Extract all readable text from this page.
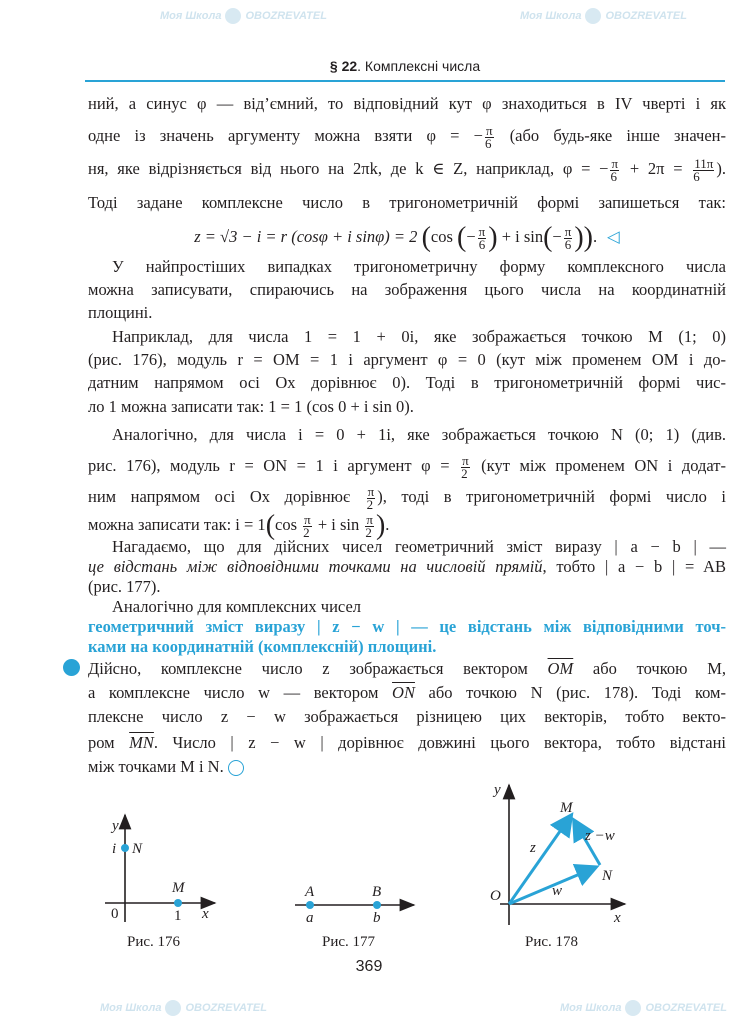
Моя Школа OBOZREVATEL	Моя Школа OBOZREVATEL
Моя Школа OBOZREVATEL
Моя Школа OBOZREVATEL
§ 22. Комплексні числа
ний, а синус φ — від’ємний, то відповідний кут φ знаходиться в IV чверті і як
одне із значень аргументу можна взяти φ = − $\frac{\pi}{6} (або$ будь-яке інше значен-
ня, яке відрізняється від нього на 2πk, де k ∈ Z, наприклад, φ = − $\frac{\pi}{6} + 2\pi = \frac{11\pi}{6}$ ).
Тоді задане комплексне число в тригонометричній формі запишеться так:
z = √3 − i = r (cosφ + i sinφ) = 2 (cos (− $\frac{\pi}{6}$ ) + i $\sin(- \frac{\pi}{6}$ )). ◁
У найпростіших випадках тригонометричну форму комплексного числа
можна записувати, спираючись на зображення цього числа на координатній
площині.
Наприклад, для числа 1 = 1 + 0i, яке зображається точкою M (1; 0)
(рис. 176), модуль r = OM = 1 і аргумент φ = 0 (кут між променем OM і до-
датним напрямом осі Ox дорівнює 0). Тоді в тригонометричній формі чис-
ло 1 можна записати так: 1 = 1 (cos 0 + i sin 0).
Аналогічно, для числа i = 0 + 1i, яке зображається точкою N (0; 1) (див.
рис. 176), модуль r = ON = 1 і аргумент $\varphi = \frac{\pi}{2} (кут$ між променем ON і додат-
ним напрямом осі Ox дорівнює $\frac{\pi}{2}$ ), тоді в тригонометричній формі число i
можна записати так: $i = 1(\cos \frac{\pi}{2} + i$ $\sin \frac{\pi}{2}$ ).
Нагадаємо, що для дійсних чисел геометричний зміст виразу | a − b | —
це відстань між відповідними точками на числовій прямій, тобто | a − b | = AB
(рис. 177).
Аналогічно для комплексних чисел
геометричний зміст виразу | z − w | — це відстань між відповідними точ-
ками на координатній (комплексній) площині.
Дійсно, комплексне число z зображається вектором $\overline{OM}$ або точкою M,
а комплексне число w — вектором $\overline{ON}$ або точкою N (рис. 178). Тоді ком-
плексне число z − w зображається різницею цих векторів, тобто векто-
ром $\overline{MN}$. Число | z − w | дорівнює довжині цього вектора, тобто відстані
між точками M і N.
y
i N
M
0	1 x
Рис. 176
A	B
a	b
Рис. 177
y
O
M
N
z
w
z −w
x
Рис. 178
369
